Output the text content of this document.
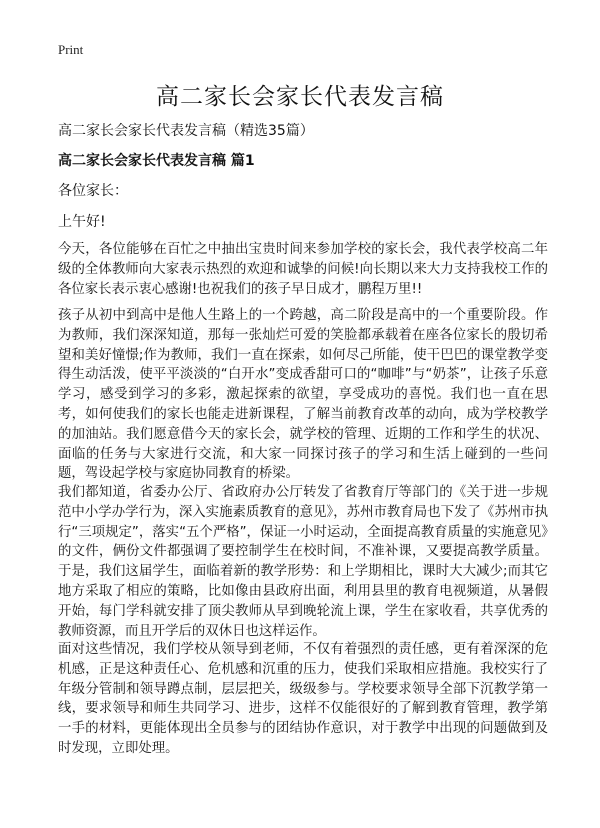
Print
高二家长会家长代表发言稿
高二家长会家长代表发言稿（精选35篇）
高二家长会家长代表发言稿 篇1
各位家长：
上午好!
今天，各位能够在百忙之中抽出宝贵时间来参加学校的家长会，我代表学校高二年级的全体教师向大家表示热烈的欢迎和诚挚的问候!向长期以来大力支持我校工作的各位家长表示衷心感谢!也祝我们的孩子早日成才，鹏程万里!!
孩子从初中到高中是他人生路上的一个跨越，高二阶段是高中的一个重要阶段。作为教师，我们深深知道，那每一张灿烂可爱的笑脸都承载着在座各位家长的殷切希望和美好憧憬;作为教师，我们一直在探索，如何尽己所能，使干巴巴的课堂教学变得生动活泼，使平平淡淡的“白开水”变成香甜可口的“咖啡”与“奶茶”，让孩子乐意学习，感受到学习的多彩，激起探索的欲望，享受成功的喜悦。我们也一直在思考，如何使我们的家长也能走进新课程，了解当前教育改革的动向，成为学校教学的加油站。我们愿意借今天的家长会，就学校的管理、近期的工作和学生的状况、面临的任务与大家进行交流，和大家一同探讨孩子的学习和生活上碰到的一些问题，驾设起学校与家庭协同教育的桥梁。
我们都知道，省委办公厅、省政府办公厅转发了省教育厅等部门的《关于进一步规范中小学办学行为，深入实施素质教育的意见》，苏州市教育局也下发了《苏州市执行“三项规定”，落实“五个严格”，保证一小时运动，全面提高教育质量的实施意见》的文件，俩份文件都强调了要控制学生在校时间，不准补课，又要提高教学质量。于是，我们这届学生，面临着新的教学形势：和上学期相比，课时大大减少;而其它地方采取了相应的策略，比如像由县政府出面，利用县里的教育电视频道，从暑假开始，每门学科就安排了顶尖教师从早到晚轮流上课，学生在家收看，共享优秀的教师资源，而且开学后的双休日也这样运作。
面对这些情况，我们学校从领导到老师，不仅有着强烈的责任感，更有着深深的危机感，正是这种责任心、危机感和沉重的压力，使我们采取相应措施。我校实行了年级分管制和领导蹲点制，层层把关，级级参与。学校要求领导全部下沉教学第一线，要求领导和师生共同学习、进步，这样不仅能很好的了解到教育管理，教学第一手的材料，更能体现出全员参与的团结协作意识，对于教学中出现的问题做到及时发现，立即处理。
